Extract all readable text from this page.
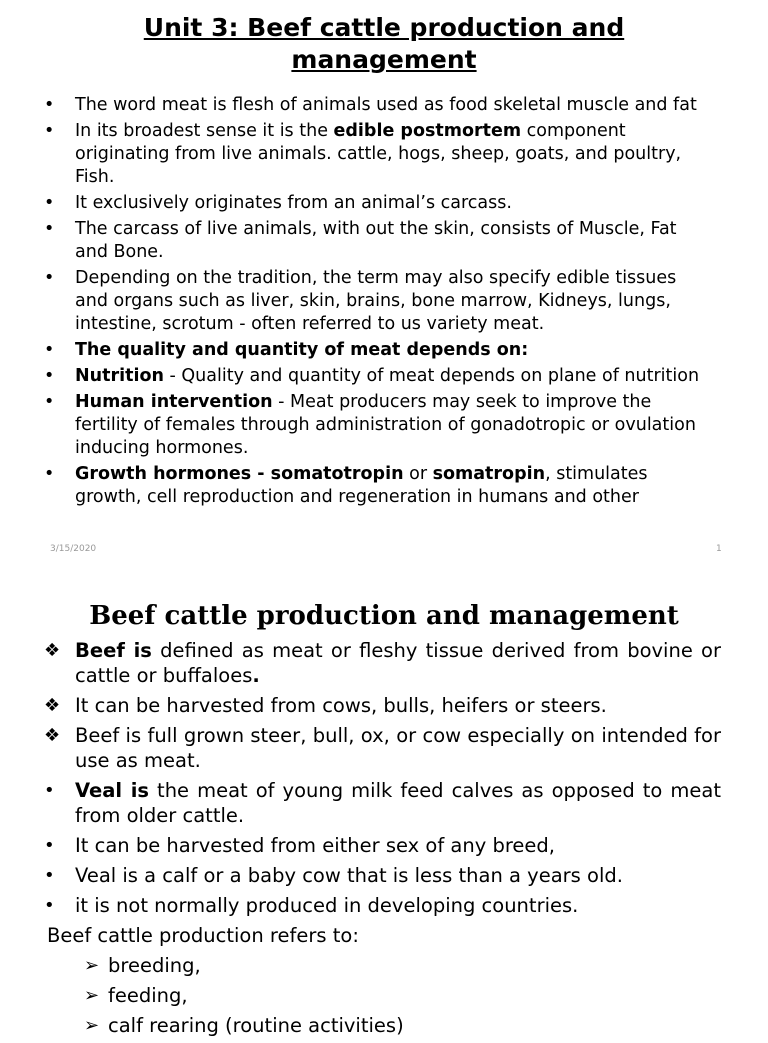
Unit 3: Beef cattle production and
management
• The word meat is flesh of animals used as food skeletal muscle and fat
• In its broadest sense it is the edible postmortem component originating from live animals. cattle, hogs, sheep, goats, and poultry, Fish.
• It exclusively originates from an animal’s carcass.
• The carcass of live animals, with out the skin, consists of Muscle, Fat and Bone.
• Depending on the tradition, the term may also specify edible tissues and organs such as liver, skin, brains, bone marrow, Kidneys, lungs, intestine, scrotum - often referred to us variety meat.
• The quality and quantity of meat depends on:
• Nutrition - Quality and quantity of meat depends on plane of nutrition
• Human intervention - Meat producers may seek to improve the fertility of females through administration of gonadotropic or ovulation inducing hormones.
• Growth hormones - somatotropin or somatropin, stimulates growth, cell reproduction and regeneration in humans and other
3/15/2020	1
Beef cattle production and management
❖ Beef is defined as meat or fleshy tissue derived from bovine or cattle or buffaloes.
❖ It can be harvested from cows, bulls, heifers or steers.
❖ Beef is full grown steer, bull, ox, or cow especially on intended for use as meat.
• Veal is the meat of young milk feed calves as opposed to meat from older cattle.
• It can be harvested from either sex of any breed,
• Veal is a calf or a baby cow that is less than a years old.
• it is not normally produced in developing countries.
Beef cattle production refers to:
➢ breeding,
➢ feeding,
➢ calf rearing (routine activities)
